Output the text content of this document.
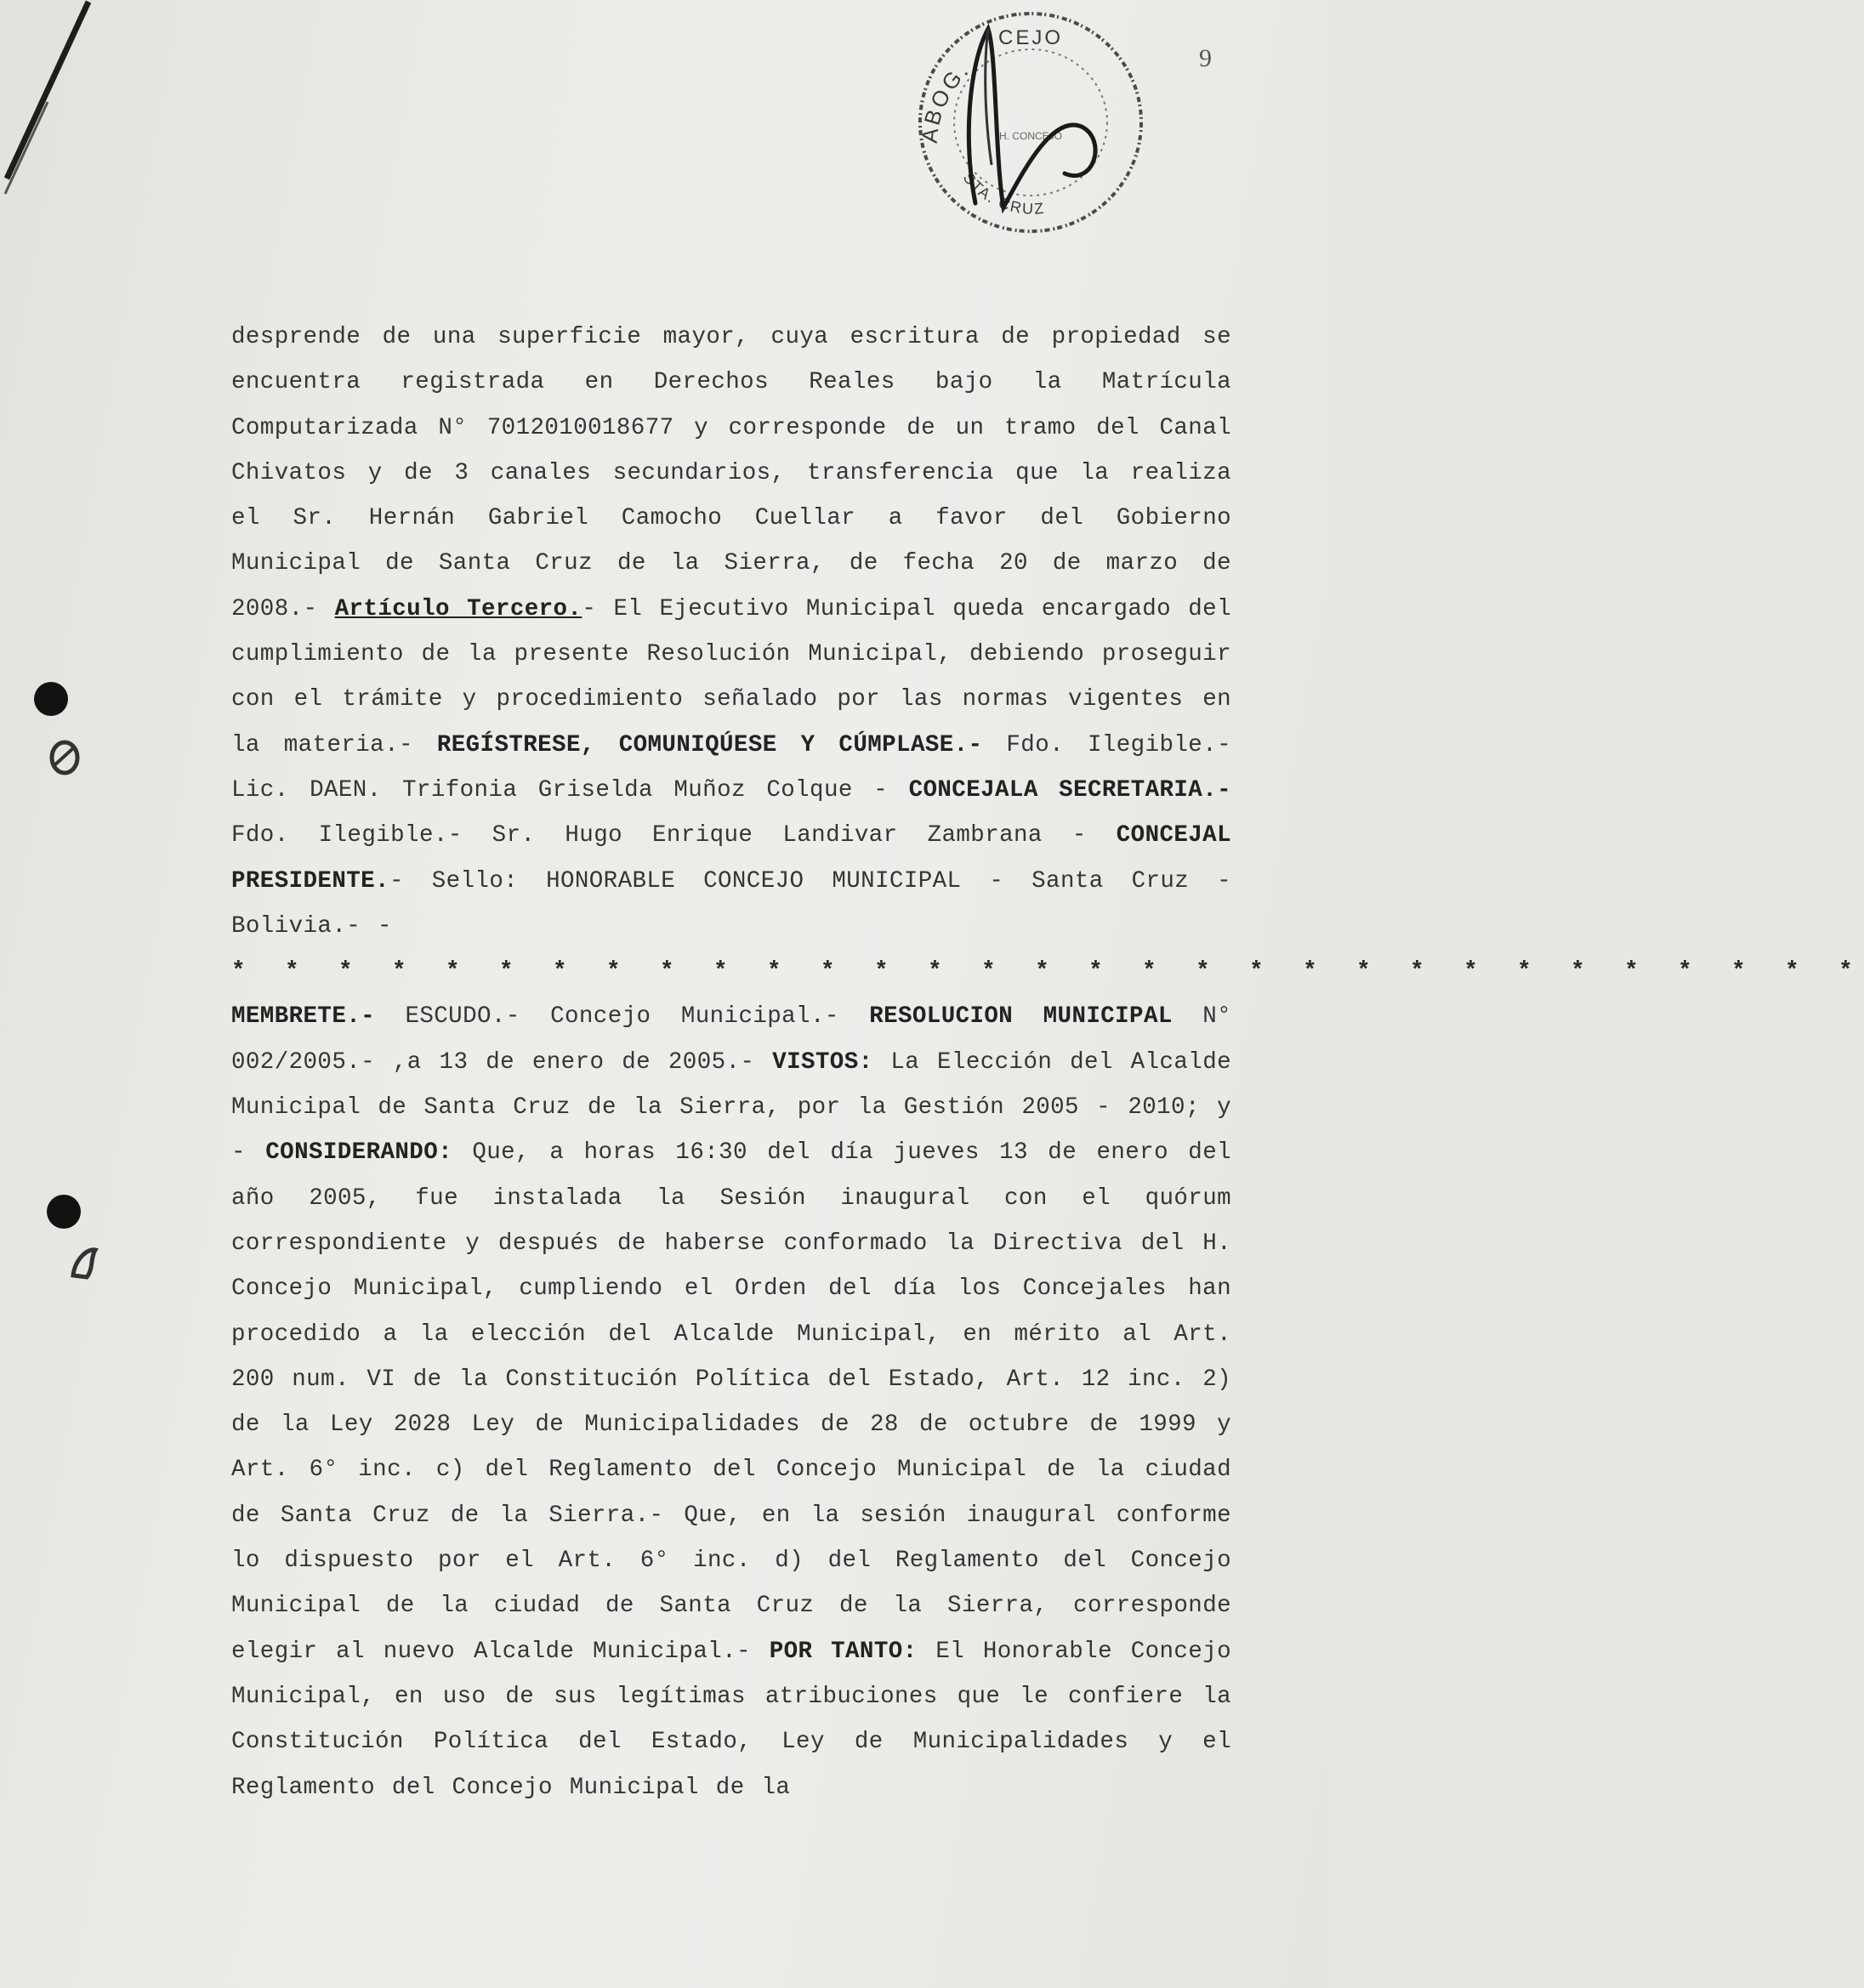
9
ABOG.
CEJO
H. CONCEJO
STA. CRUZ
desprende de una superficie mayor, cuya escritura de propiedad se encuentra registrada en Derechos Reales bajo la Matrícula Computarizada N° 7012010018677 y corresponde de un tramo del Canal Chivatos y de 3 canales secundarios, transferencia que la realiza el Sr. Hernán Gabriel Camocho Cuellar a favor del Gobierno Municipal de Santa Cruz de la Sierra, de fecha 20 de marzo de 2008.- Artículo Tercero.- El Ejecutivo Municipal queda encargado del cumplimiento de la presente Resolución Municipal, debiendo proseguir con el trámite y procedimiento señalado por las normas vigentes en la materia.- REGÍSTRESE, COMUNIQÚESE Y CÚMPLASE.- Fdo. Ilegible.- Lic. DAEN. Trifonia Griselda Muñoz Colque - CONCEJALA SECRETARIA.- Fdo. Ilegible.- Sr. Hugo Enrique Landivar Zambrana - CONCEJAL PRESIDENTE.- Sello: HONORABLE CONCEJO MUNICIPAL - Santa Cruz - Bolivia.- -
* * * * * * * * * * * * * * * * * * * * * * * * * * * * * * *
MEMBRETE.- ESCUDO.- Concejo Municipal.- RESOLUCION MUNICIPAL N° 002/2005.- ,a 13 de enero de 2005.- VISTOS: La Elección del Alcalde Municipal de Santa Cruz de la Sierra, por la Gestión 2005 - 2010; y - CONSIDERANDO: Que, a horas 16:30 del día jueves 13 de enero del año 2005, fue instalada la Sesión inaugural con el quórum correspondiente y después de haberse conformado la Directiva del H. Concejo Municipal, cumpliendo el Orden del día los Concejales han procedido a la elección del Alcalde Municipal, en mérito al Art. 200 num. VI de la Constitución Política del Estado, Art. 12 inc. 2) de la Ley 2028 Ley de Municipalidades de 28 de octubre de 1999 y Art. 6° inc. c) del Reglamento del Concejo Municipal de la ciudad de Santa Cruz de la Sierra.- Que, en la sesión inaugural conforme lo dispuesto por el Art. 6° inc. d) del Reglamento del Concejo Municipal de la ciudad de Santa Cruz de la Sierra, corresponde elegir al nuevo Alcalde Municipal.- POR TANTO: El Honorable Concejo Municipal, en uso de sus legítimas atribuciones que le confiere la Constitución Política del Estado, Ley de Municipalidades y el Reglamento del Concejo Municipal de la
